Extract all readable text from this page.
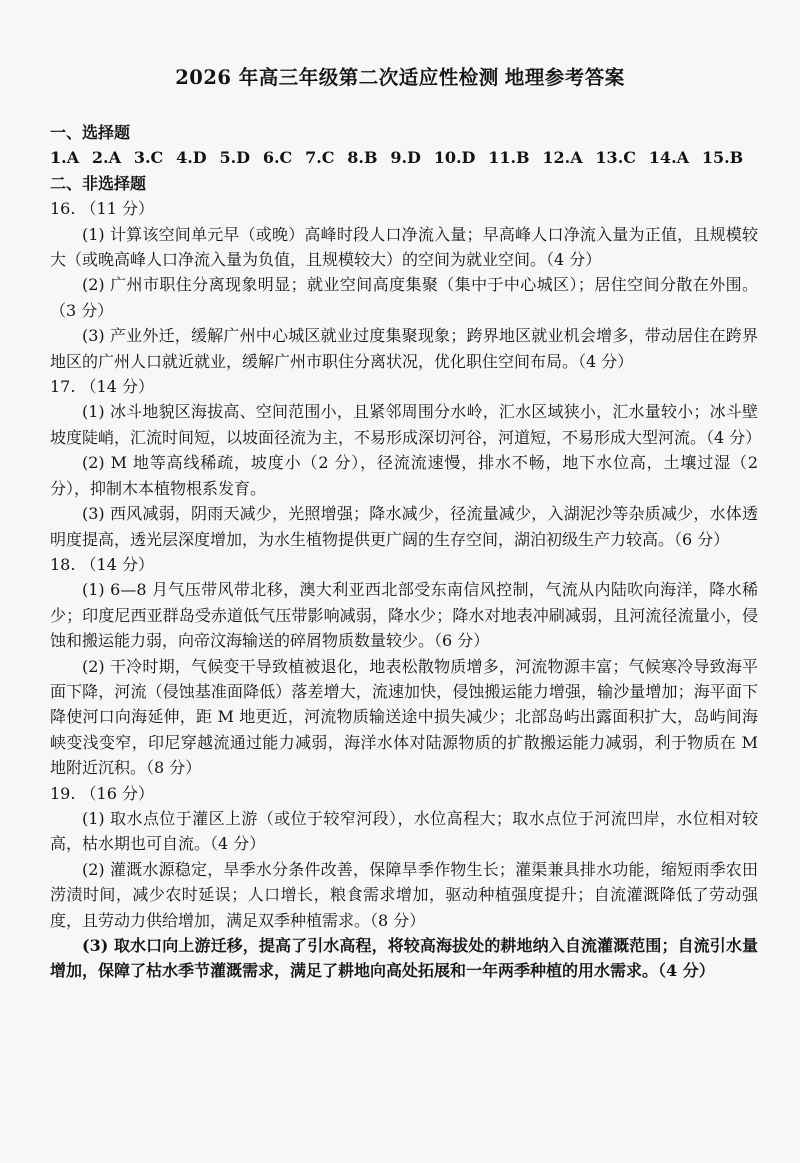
2026 年高三年级第二次适应性检测 地理参考答案
一、选择题
1.A 2.A 3.C 4.D 5.D 6.C 7.C 8.B 9.D 10.D 11.B 12.A 13.C 14.A 15.B
二、非选择题
16. （11 分）

(1) 计算该空间单元早（或晚）高峰时段人口净流入量；早高峰人口净流入量为正值，且规模较大（或晚高峰人口净流入量为负值，且规模较大）的空间为就业空间。（4 分）

(2) 广州市职住分离现象明显；就业空间高度集聚（集中于中心城区）；居住空间分散在外围。（3 分）

(3) 产业外迁，缓解广州中心城区就业过度集聚现象；跨界地区就业机会增多，带动居住在跨界地区的广州人口就近就业，缓解广州市职住分离状况，优化职住空间布局。（4 分）

17. （14 分）

(1) 冰斗地貌区海拔高、空间范围小，且紧邻周围分水岭，汇水区域狭小，汇水量较小；冰斗壁坡度陡峭，汇流时间短，以坡面径流为主，不易形成深切河谷，河道短，不易形成大型河流。（4 分）

(2) M 地等高线稀疏，坡度小（2 分），径流流速慢，排水不畅，地下水位高，土壤过湿（2 分），抑制木本植物根系发育。

(3) 西风减弱，阴雨天减少，光照增强；降水减少，径流量减少，入湖泥沙等杂质减少，水体透明度提高，透光层深度增加，为水生植物提供更广阔的生存空间，湖泊初级生产力较高。（6 分）

18. （14 分）

(1) 6—8 月气压带风带北移，澳大利亚西北部受东南信风控制，气流从内陆吹向海洋，降水稀少；印度尼西亚群岛受赤道低气压带影响减弱，降水少；降水对地表冲刷减弱，且河流径流量小，侵蚀和搬运能力弱，向帝汶海输送的碎屑物质数量较少。（6 分）

(2) 干冷时期，气候变干导致植被退化，地表松散物质增多，河流物源丰富；气候寒冷导致海平面下降，河流（侵蚀基准面降低）落差增大，流速加快，侵蚀搬运能力增强，输沙量增加；海平面下降使河口向海延伸，距 M 地更近，河流物质输送途中损失减少；北部岛屿出露面积扩大，岛屿间海峡变浅变窄，印尼穿越流通过能力减弱，海洋水体对陆源物质的扩散搬运能力减弱，利于物质在 M 地附近沉积。（8 分）

19. （16 分）

(1) 取水点位于灌区上游（或位于较窄河段），水位高程大；取水点位于河流凹岸，水位相对较高，枯水期也可自流。（4 分）

(2) 灌溉水源稳定，旱季水分条件改善，保障旱季作物生长；灌渠兼具排水功能，缩短雨季农田涝渍时间，减少农时延误；人口增长，粮食需求增加，驱动种植强度提升；自流灌溉降低了劳动强度，且劳动力供给增加，满足双季种植需求。（8 分）

(3) 取水口向上游迁移，提高了引水高程，将较高海拔处的耕地纳入自流灌溉范围；自流引水量增加，保障了枯水季节灌溉需求，满足了耕地向高处拓展和一年两季种植的用水需求。（4 分）
